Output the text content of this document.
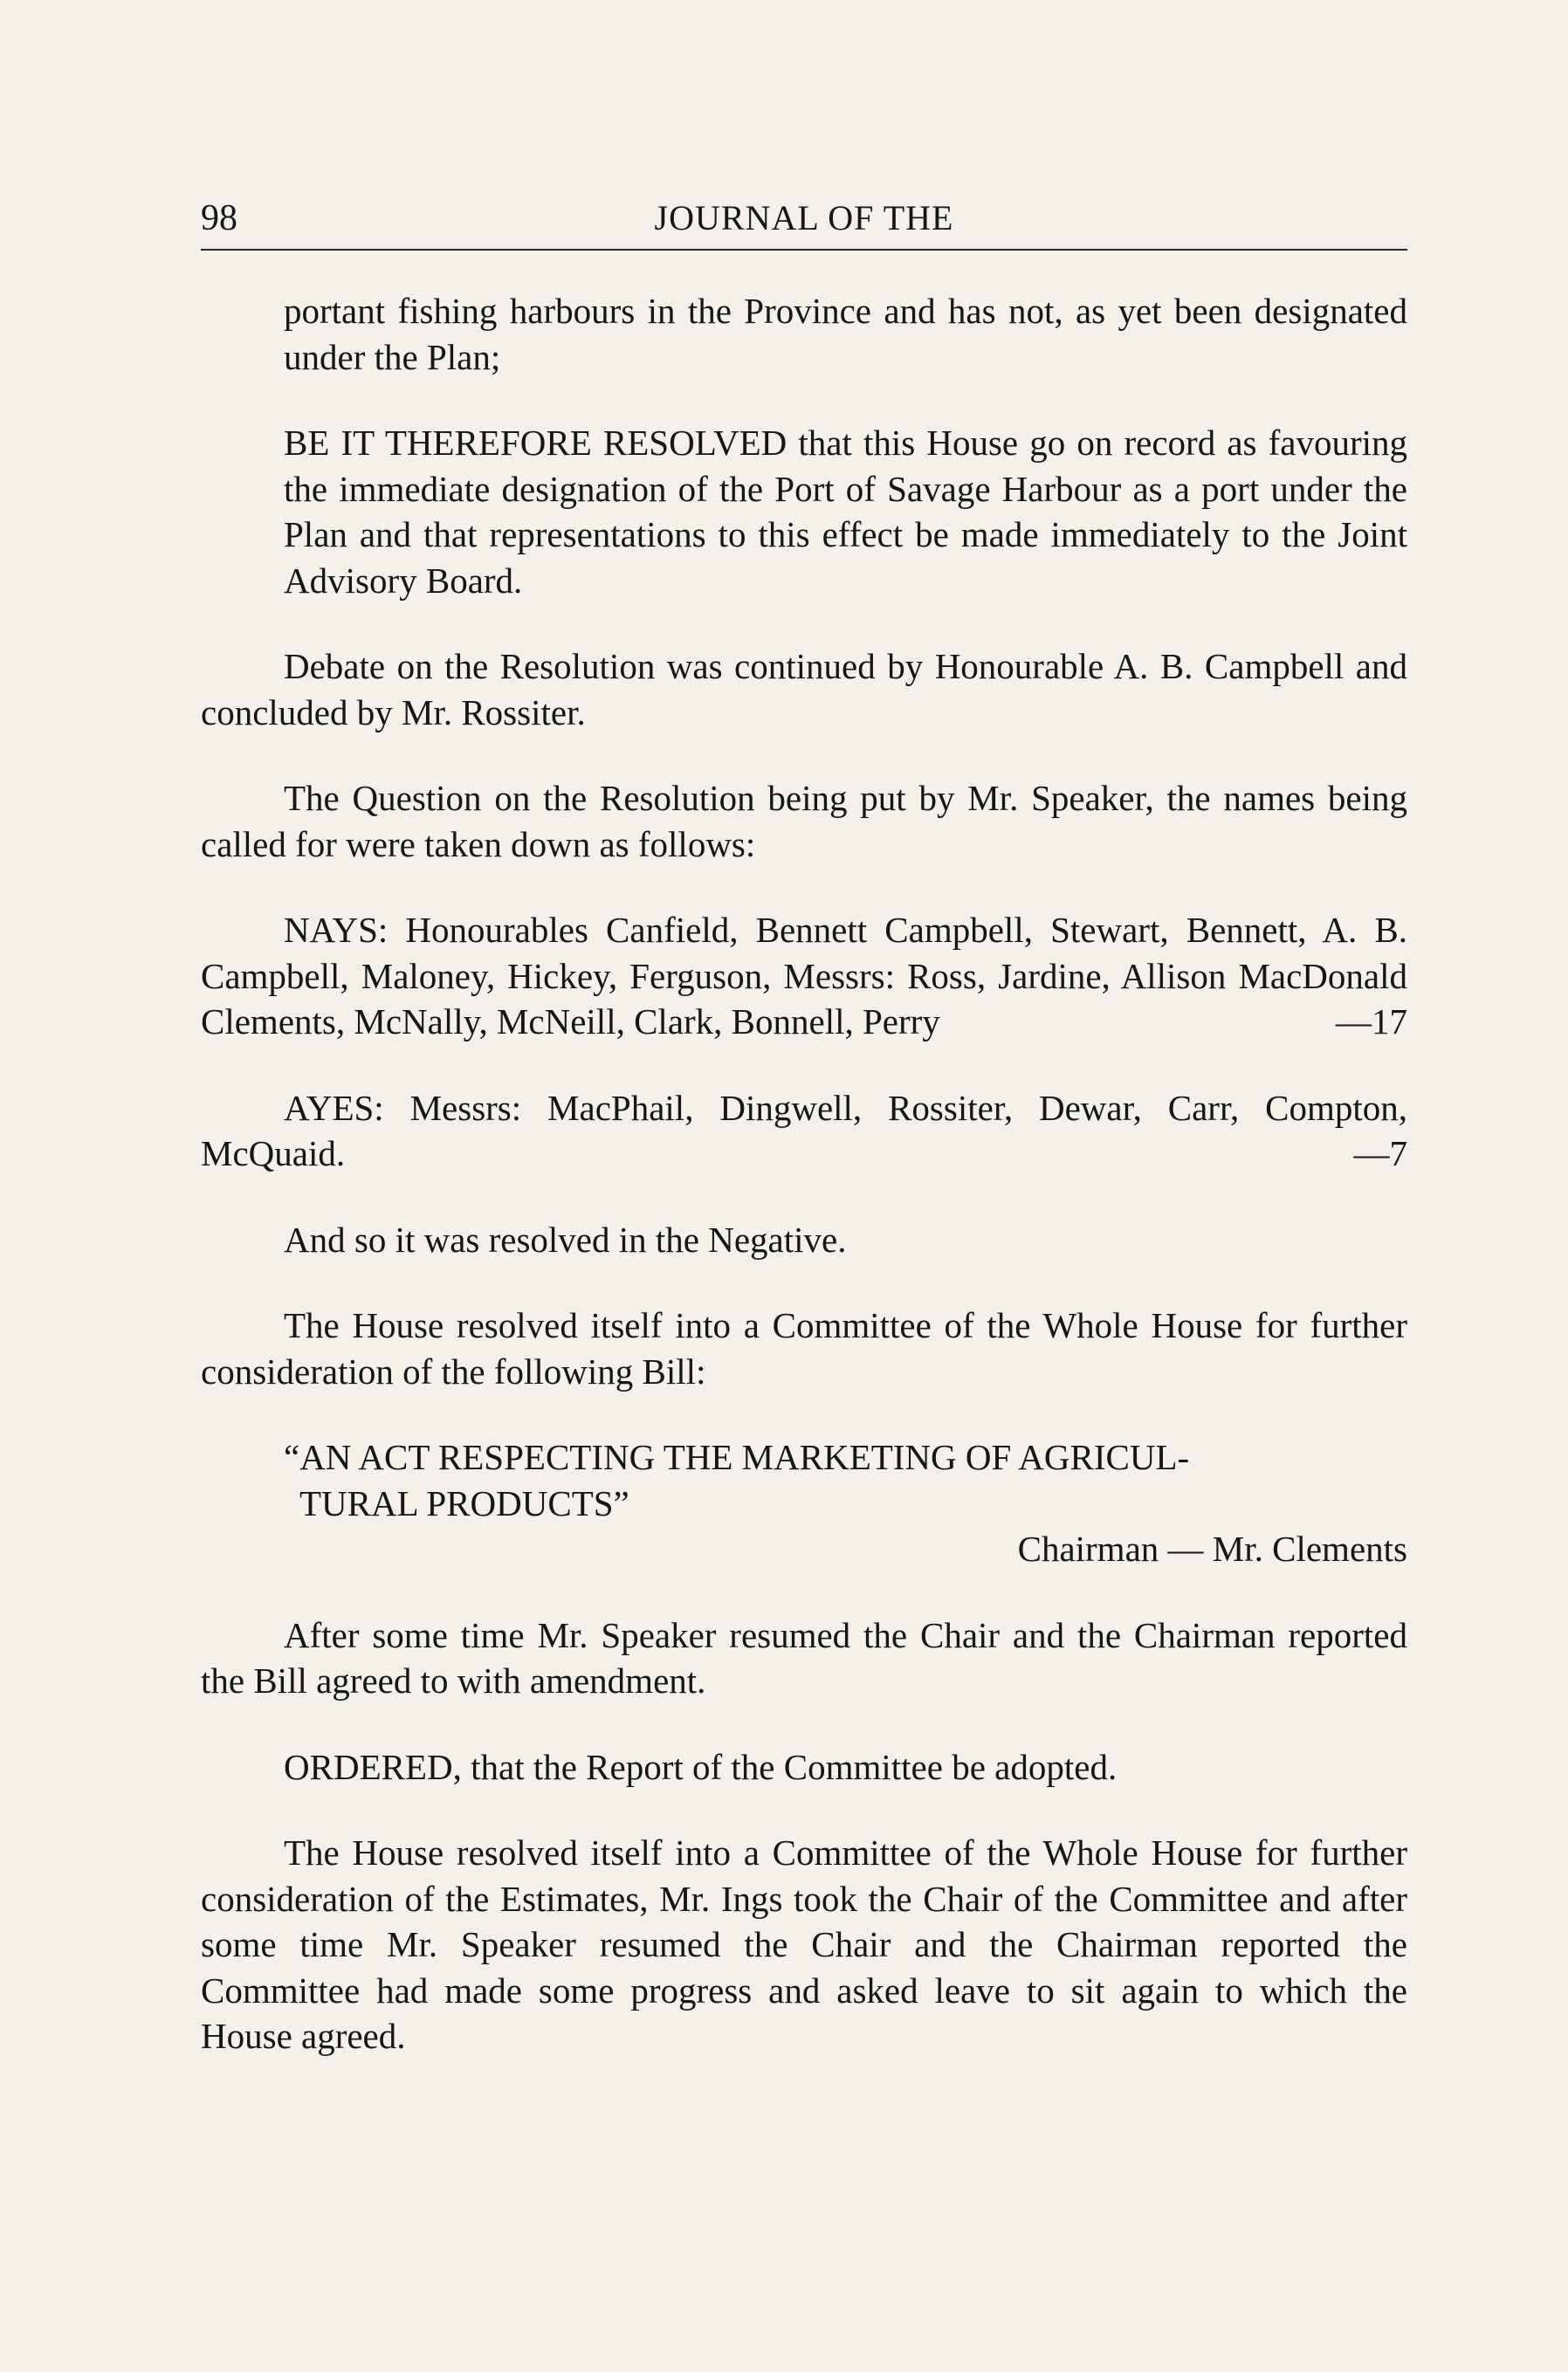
98	JOURNAL OF THE

portant fishing harbours in the Province and has not, as yet been designated under the Plan;

BE IT THEREFORE RESOLVED that this House go on record as favouring the immediate designation of the Port of Savage Harbour as a port under the Plan and that representations to this effect be made immediately to the Joint Advisory Board.

Debate on the Resolution was continued by Honourable A. B. Campbell and concluded by Mr. Rossiter.

The Question on the Resolution being put by Mr. Speaker, the names being called for were taken down as follows:

NAYS: Honourables Canfield, Bennett Campbell, Stewart, Bennett, A. B. Campbell, Maloney, Hickey, Ferguson, Messrs: Ross, Jardine, Allison MacDonald Clements, McNally, McNeill, Clark, Bonnell, Perry	—17

AYES: Messrs: MacPhail, Dingwell, Rossiter, Dewar, Carr, Compton, McQuaid.	—7

And so it was resolved in the Negative.

The House resolved itself into a Committee of the Whole House for further consideration of the following Bill:

“AN ACT RESPECTING THE MARKETING OF AGRICUL-
TURAL PRODUCTS”
Chairman — Mr. Clements

After some time Mr. Speaker resumed the Chair and the Chairman reported the Bill agreed to with amendment.

ORDERED, that the Report of the Committee be adopted.

The House resolved itself into a Committee of the Whole House for further consideration of the Estimates, Mr. Ings took the Chair of the Committee and after some time Mr. Speaker resumed the Chair and the Chairman reported the Committee had made some progress and asked leave to sit again to which the House agreed.
